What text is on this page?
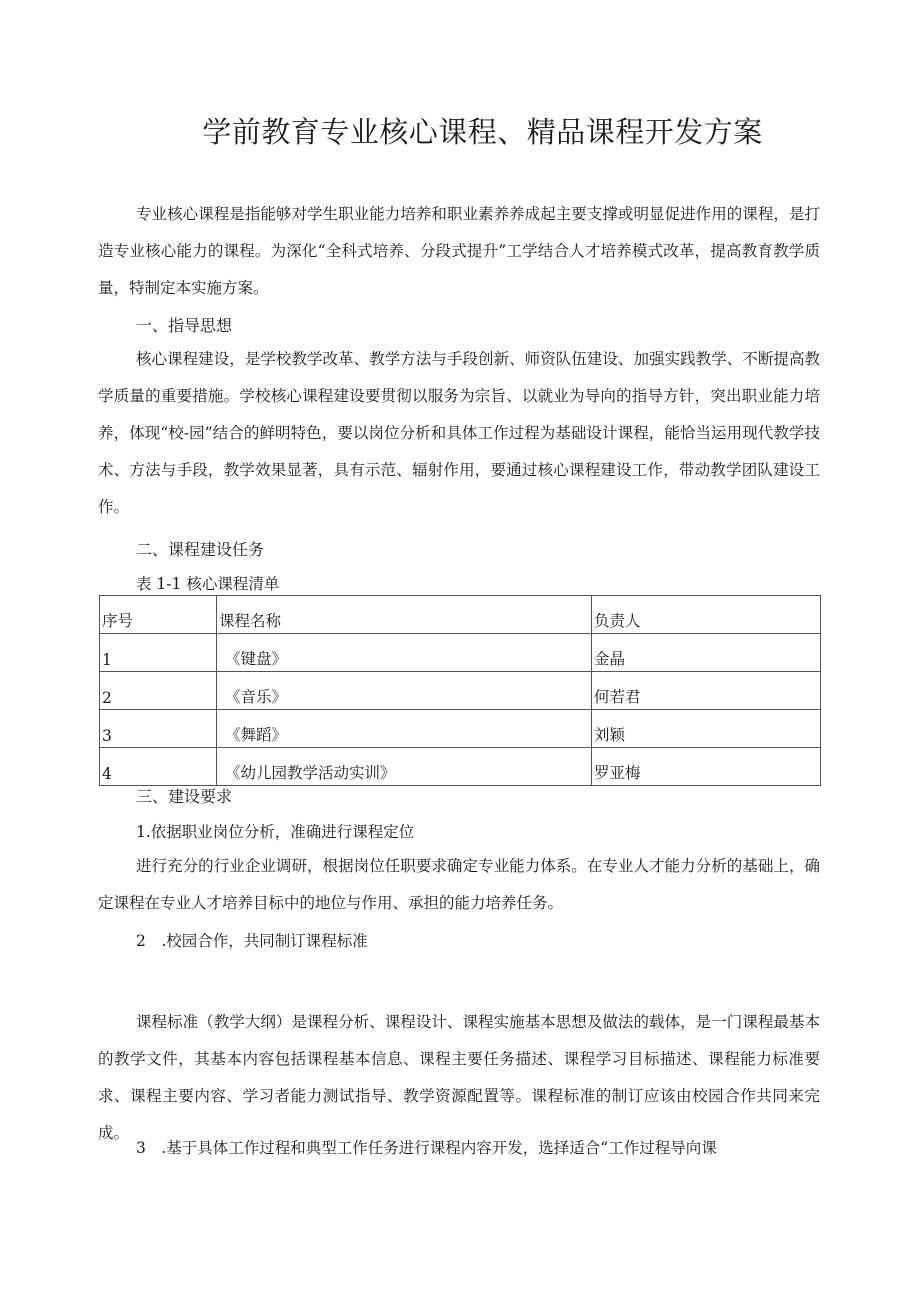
学前教育专业核心课程、精品课程开发方案

专业核心课程是指能够对学生职业能力培养和职业素养养成起主要支撑或明显促进作用的课程，是打造专业核心能力的课程。为深化“全科式培养、分段式提升”工学结合人才培养模式改革，提高教育教学质量，特制定本实施方案。

一、指导思想

核心课程建设，是学校教学改革、教学方法与手段创新、师资队伍建设、加强实践教学、不断提高教学质量的重要措施。学校核心课程建设要贯彻以服务为宗旨、以就业为导向的指导方针，突出职业能力培养，体现“校-园”结合的鲜明特色，要以岗位分析和具体工作过程为基础设计课程，能恰当运用现代教学技术、方法与手段，教学效果显著，具有示范、辐射作用，要通过核心课程建设工作，带动教学团队建设工作。

二、课程建设任务

表 1-1 核心课程清单
序号	课程名称	负责人
1	《键盘》	金晶
2	《音乐》	何若君
3	《舞蹈》	刘颖
4	《幼儿园教学活动实训》	罗亚梅

三、建设要求

1.依据职业岗位分析，准确进行课程定位

进行充分的行业企业调研，根据岗位任职要求确定专业能力体系。在专业人才能力分析的基础上，确定课程在专业人才培养目标中的地位与作用、承担的能力培养任务。

2　.校园合作，共同制订课程标准

课程标准（教学大纲）是课程分析、课程设计、课程实施基本思想及做法的载体，是一门课程最基本的教学文件，其基本内容包括课程基本信息、课程主要任务描述、课程学习目标描述、课程能力标准要求、课程主要内容、学习者能力测试指导、教学资源配置等。课程标准的制订应该由校园合作共同来完成。

3　.基于具体工作过程和典型工作任务进行课程内容开发，选择适合“工作过程导向课
